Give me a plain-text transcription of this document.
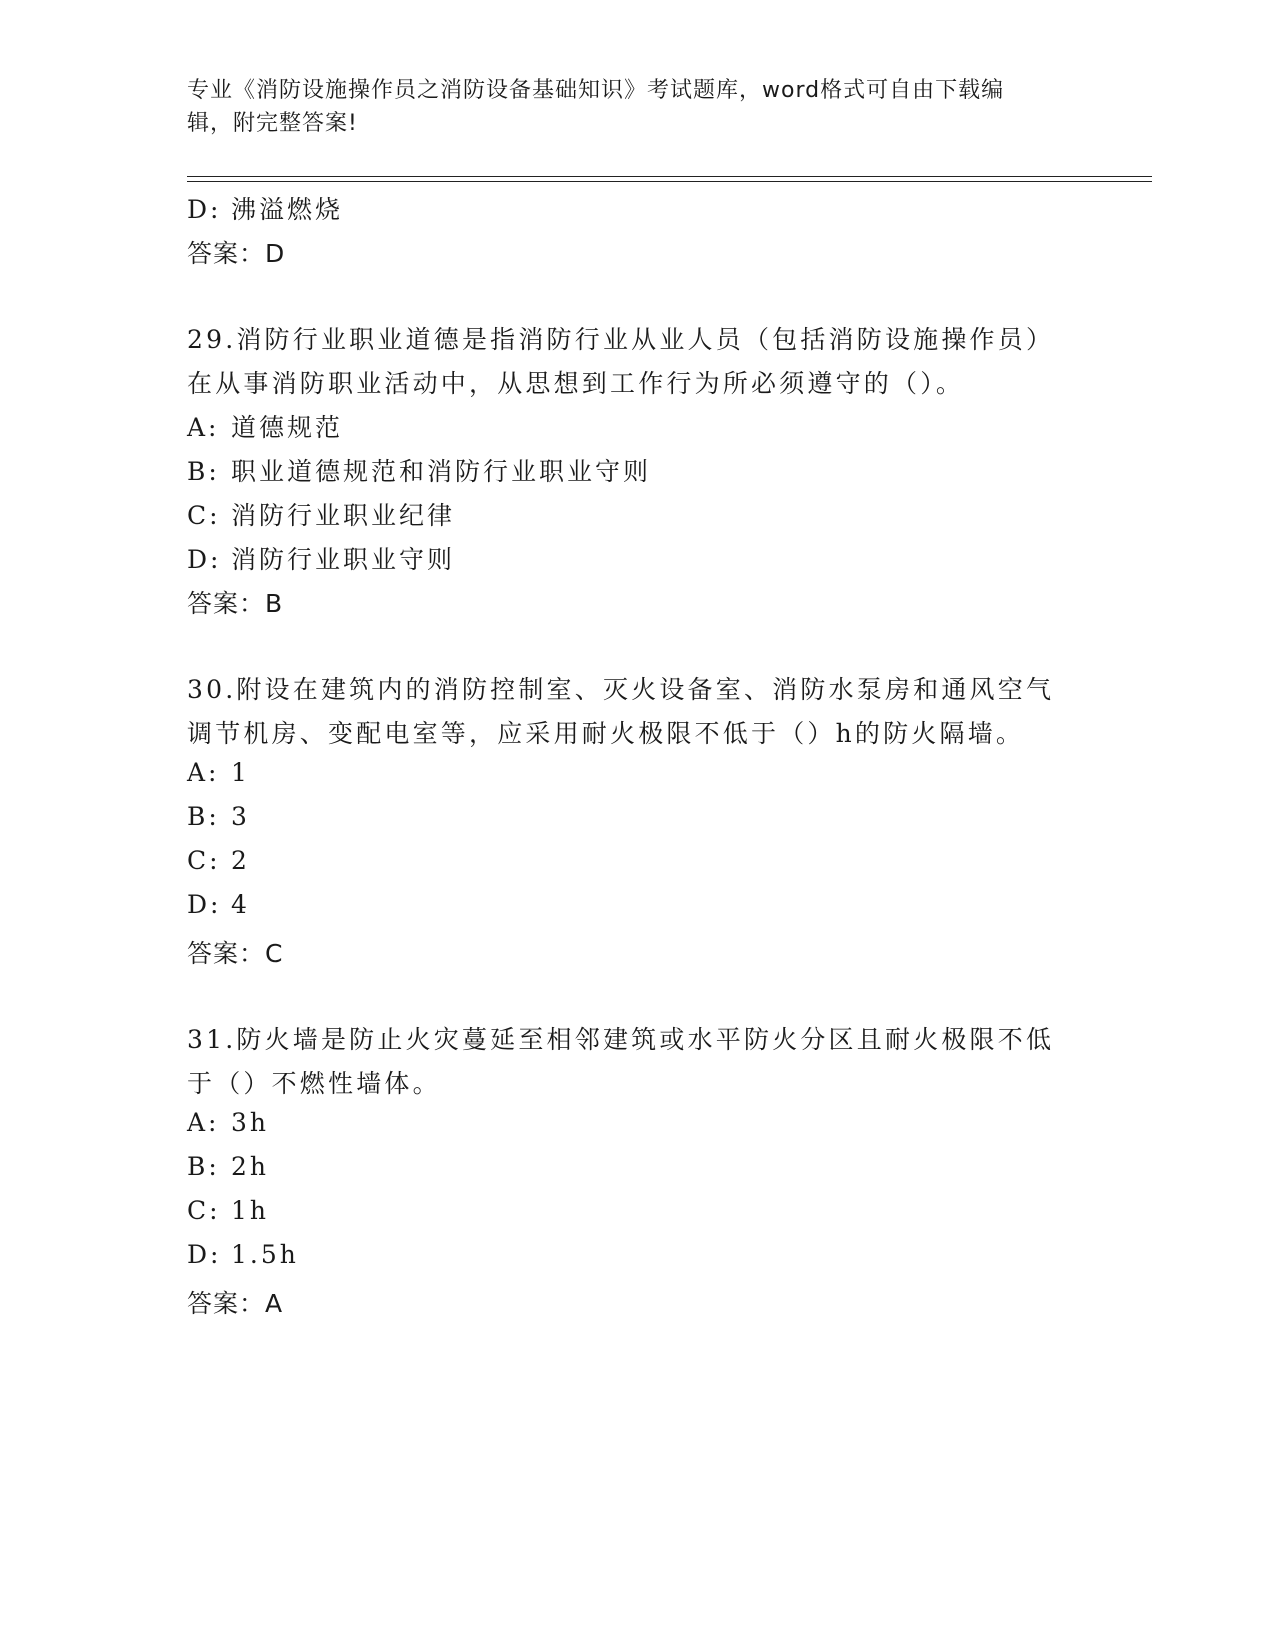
专业《消防设施操作员之消防设备基础知识》考试题库，word格式可自由下载编
辑，附完整答案!
D: 沸溢燃烧
答案：D
29.消防行业职业道德是指消防行业从业人员（包括消防设施操作员）
在从事消防职业活动中，从思想到工作行为所必须遵守的（）。
A: 道德规范
B: 职业道德规范和消防行业职业守则
C: 消防行业职业纪律
D: 消防行业职业守则
答案：B
30.附设在建筑内的消防控制室、灭火设备室、消防水泵房和通风空气
调节机房、变配电室等，应采用耐火极限不低于（）h的防火隔墙。
A: 1
B: 3
C: 2
D: 4
答案：C
31.防火墙是防止火灾蔓延至相邻建筑或水平防火分区且耐火极限不低
于（）不燃性墙体。
A: 3h
B: 2h
C: 1h
D: 1.5h
答案：A
